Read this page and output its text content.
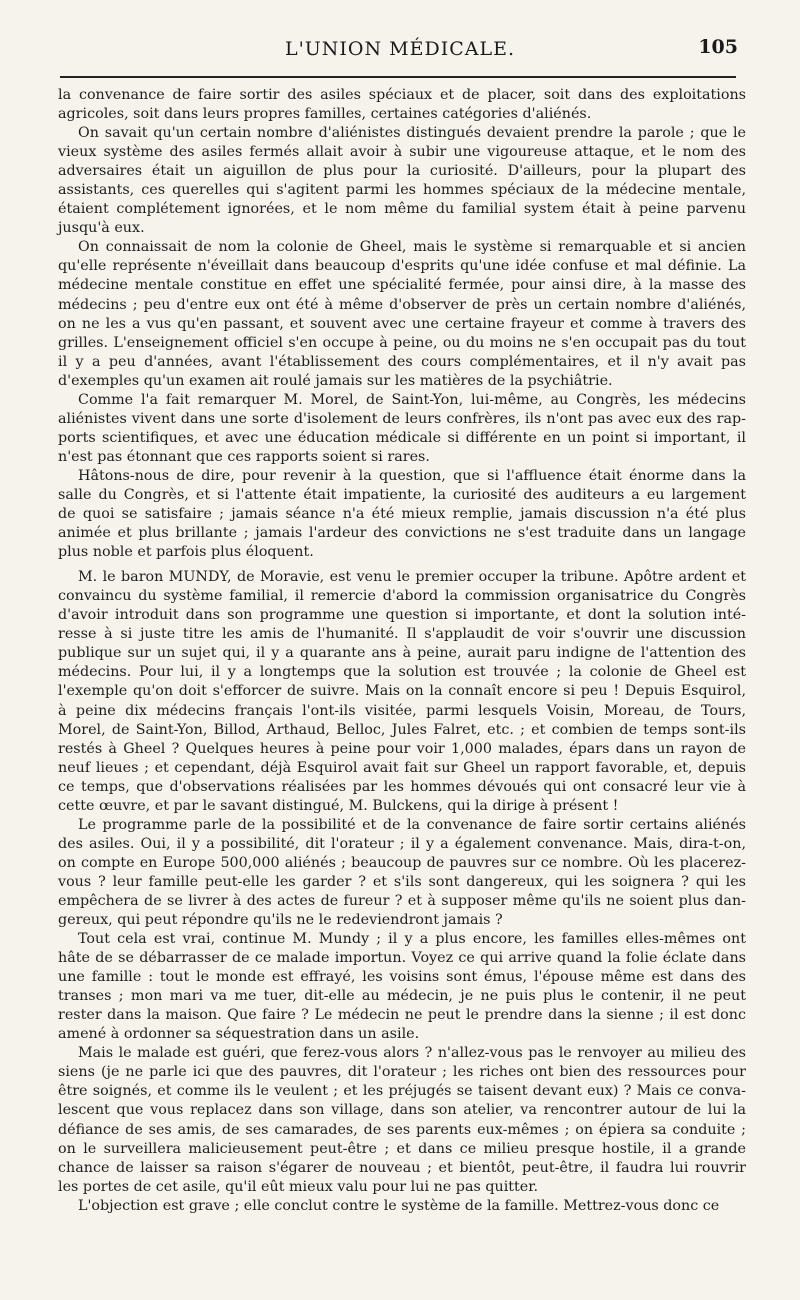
L'UNION MÉDICALE.	105
la convenance de faire sortir des asiles spéciaux et de placer, soit dans des exploitations
agricoles, soit dans leurs propres familles, certaines catégories d'aliénés.
On savait qu'un certain nombre d'aliénistes distingués devaient prendre la parole ; que le
vieux système des asiles fermés allait avoir à subir une vigoureuse attaque, et le nom des
adversaires était un aiguillon de plus pour la curiosité. D'ailleurs, pour la plupart des
assistants, ces querelles qui s'agitent parmi les hommes spéciaux de la médecine mentale,
étaient complétement ignorées, et le nom même du familial system était à peine parvenu
jusqu'à eux.
On connaissait de nom la colonie de Gheel, mais le système si remarquable et si ancien
qu'elle représente n'éveillait dans beaucoup d'esprits qu'une idée confuse et mal définie. La
médecine mentale constitue en effet une spécialité fermée, pour ainsi dire, à la masse des
médecins ; peu d'entre eux ont été à même d'observer de près un certain nombre d'aliénés,
on ne les a vus qu'en passant, et souvent avec une certaine frayeur et comme à travers des
grilles. L'enseignement officiel s'en occupe à peine, ou du moins ne s'en occupait pas du tout
il y a peu d'années, avant l'établissement des cours complémentaires, et il n'y avait pas
d'exemples qu'un examen ait roulé jamais sur les matières de la psychiâtrie.
Comme l'a fait remarquer M. Morel, de Saint-Yon, lui-même, au Congrès, les médecins
aliénistes vivent dans une sorte d'isolement de leurs confrères, ils n'ont pas avec eux des rap-
ports scientifiques, et avec une éducation médicale si différente en un point si important, il
n'est pas étonnant que ces rapports soient si rares.
Hâtons-nous de dire, pour revenir à la question, que si l'affluence était énorme dans la
salle du Congrès, et si l'attente était impatiente, la curiosité des auditeurs a eu largement
de quoi se satisfaire ; jamais séance n'a été mieux remplie, jamais discussion n'a été plus
animée et plus brillante ; jamais l'ardeur des convictions ne s'est traduite dans un langage
plus noble et parfois plus éloquent.
M. le baron MUNDY, de Moravie, est venu le premier occuper la tribune. Apôtre ardent et
convaincu du système familial, il remercie d'abord la commission organisatrice du Congrès
d'avoir introduit dans son programme une question si importante, et dont la solution inté-
resse à si juste titre les amis de l'humanité. Il s'applaudit de voir s'ouvrir une discussion
publique sur un sujet qui, il y a quarante ans à peine, aurait paru indigne de l'attention des
médecins. Pour lui, il y a longtemps que la solution est trouvée ; la colonie de Gheel est
l'exemple qu'on doit s'efforcer de suivre. Mais on la connaît encore si peu ! Depuis Esquirol,
à peine dix médecins français l'ont-ils visitée, parmi lesquels Voisin, Moreau, de Tours,
Morel, de Saint-Yon, Billod, Arthaud, Belloc, Jules Falret, etc. ; et combien de temps sont-ils
restés à Gheel ? Quelques heures à peine pour voir 1,000 malades, épars dans un rayon de
neuf lieues ; et cependant, déjà Esquirol avait fait sur Gheel un rapport favorable, et, depuis
ce temps, que d'observations réalisées par les hommes dévoués qui ont consacré leur vie à
cette œuvre, et par le savant distingué, M. Bulckens, qui la dirige à présent !
Le programme parle de la possibilité et de la convenance de faire sortir certains aliénés
des asiles. Oui, il y a possibilité, dit l'orateur ; il y a également convenance. Mais, dira-t-on,
on compte en Europe 500,000 aliénés ; beaucoup de pauvres sur ce nombre. Où les placerez-
vous ? leur famille peut-elle les garder ? et s'ils sont dangereux, qui les soignera ? qui les
empêchera de se livrer à des actes de fureur ? et à supposer même qu'ils ne soient plus dan-
gereux, qui peut répondre qu'ils ne le redeviendront jamais ?
Tout cela est vrai, continue M. Mundy ; il y a plus encore, les familles elles-mêmes ont
hâte de se débarrasser de ce malade importun. Voyez ce qui arrive quand la folie éclate dans
une famille : tout le monde est effrayé, les voisins sont émus, l'épouse même est dans des
transes ; mon mari va me tuer, dit-elle au médecin, je ne puis plus le contenir, il ne peut
rester dans la maison. Que faire ? Le médecin ne peut le prendre dans la sienne ; il est donc
amené à ordonner sa séquestration dans un asile.
Mais le malade est guéri, que ferez-vous alors ? n'allez-vous pas le renvoyer au milieu des
siens (je ne parle ici que des pauvres, dit l'orateur ; les riches ont bien des ressources pour
être soignés, et comme ils le veulent ; et les préjugés se taisent devant eux) ? Mais ce conva-
lescent que vous replacez dans son village, dans son atelier, va rencontrer autour de lui la
défiance de ses amis, de ses camarades, de ses parents eux-mêmes ; on épiera sa conduite ;
on le surveillera malicieusement peut-être ; et dans ce milieu presque hostile, il a grande
chance de laisser sa raison s'égarer de nouveau ; et bientôt, peut-être, il faudra lui rouvrir
les portes de cet asile, qu'il eût mieux valu pour lui ne pas quitter.
L'objection est grave ; elle conclut contre le système de la famille. Mettrez-vous donc ce
